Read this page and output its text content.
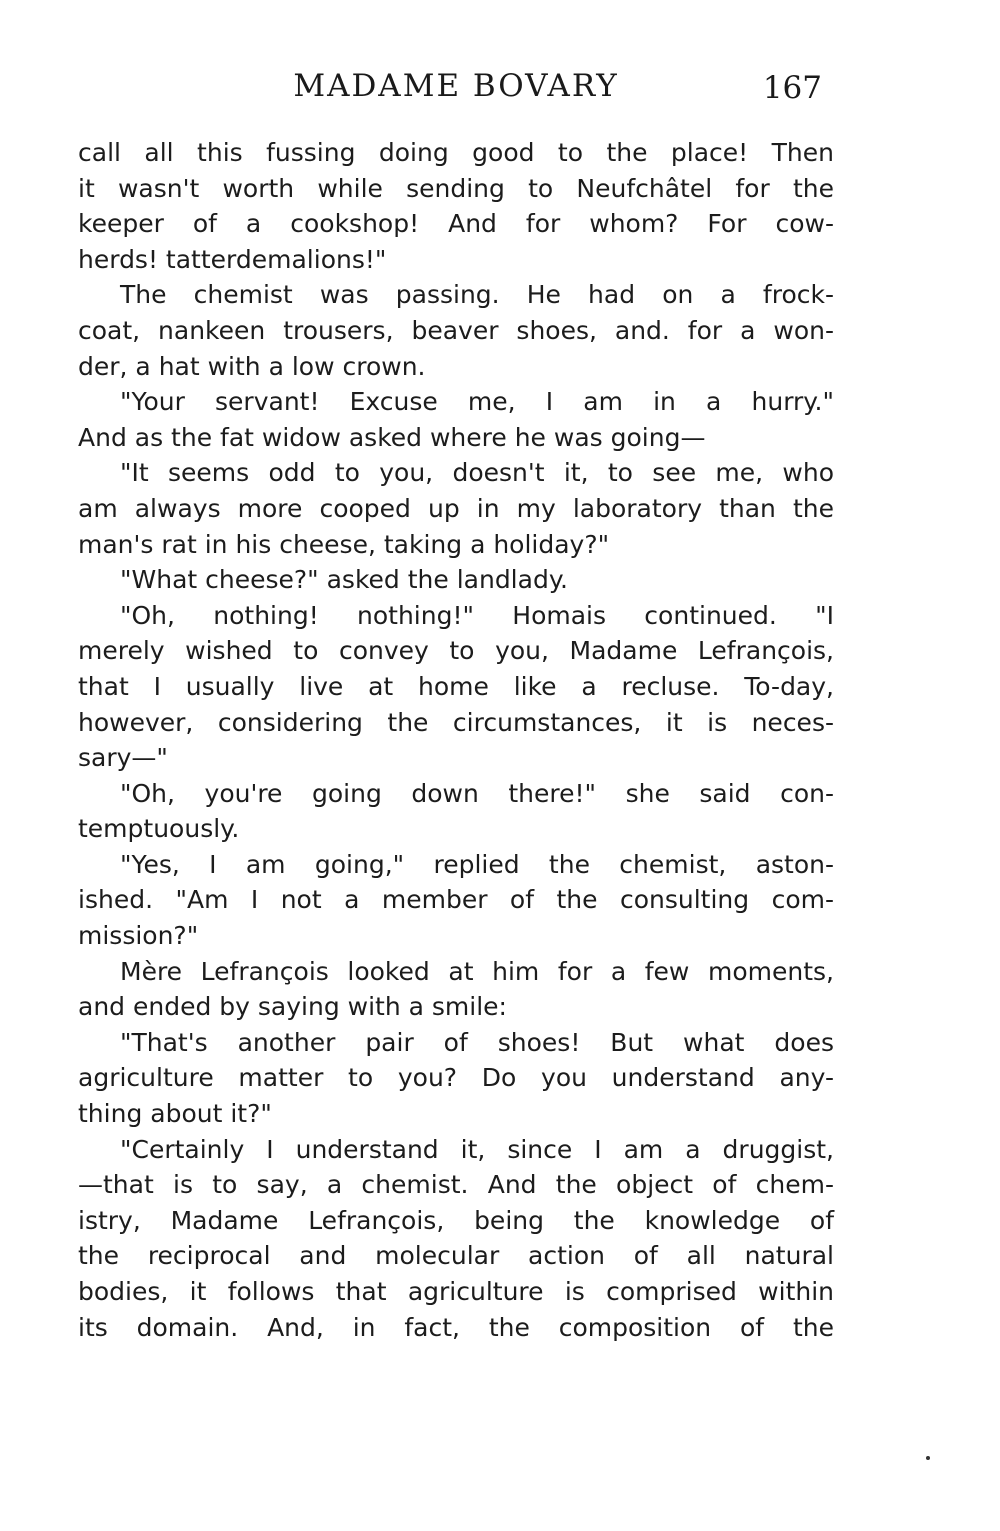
MADAME BOVARY	167
call all this fussing doing good to the place! Then
it wasn't worth while sending to Neufchâtel for the
keeper of a cookshop! And for whom? For cow-
herds! tatterdemalions!"
The chemist was passing. He had on a frock-
coat, nankeen trousers, beaver shoes, and. for a won-
der, a hat with a low crown.
"Your servant! Excuse me, I am in a hurry."
And as the fat widow asked where he was going—
"It seems odd to you, doesn't it, to see me, who
am always more cooped up in my laboratory than the
man's rat in his cheese, taking a holiday?"
"What cheese?" asked the landlady.
"Oh, nothing! nothing!" Homais continued. "I
merely wished to convey to you, Madame Lefrançois,
that I usually live at home like a recluse. To-day,
however, considering the circumstances, it is neces-
sary—"
"Oh, you're going down there!" she said con-
temptuously.
"Yes, I am going," replied the chemist, aston-
ished. "Am I not a member of the consulting com-
mission?"
Mère Lefrançois looked at him for a few moments,
and ended by saying with a smile:
"That's another pair of shoes! But what does
agriculture matter to you? Do you understand any-
thing about it?"
"Certainly I understand it, since I am a druggist,
—that is to say, a chemist. And the object of chem-
istry, Madame Lefrançois, being the knowledge of
the reciprocal and molecular action of all natural
bodies, it follows that agriculture is comprised within
its domain. And, in fact, the composition of the
